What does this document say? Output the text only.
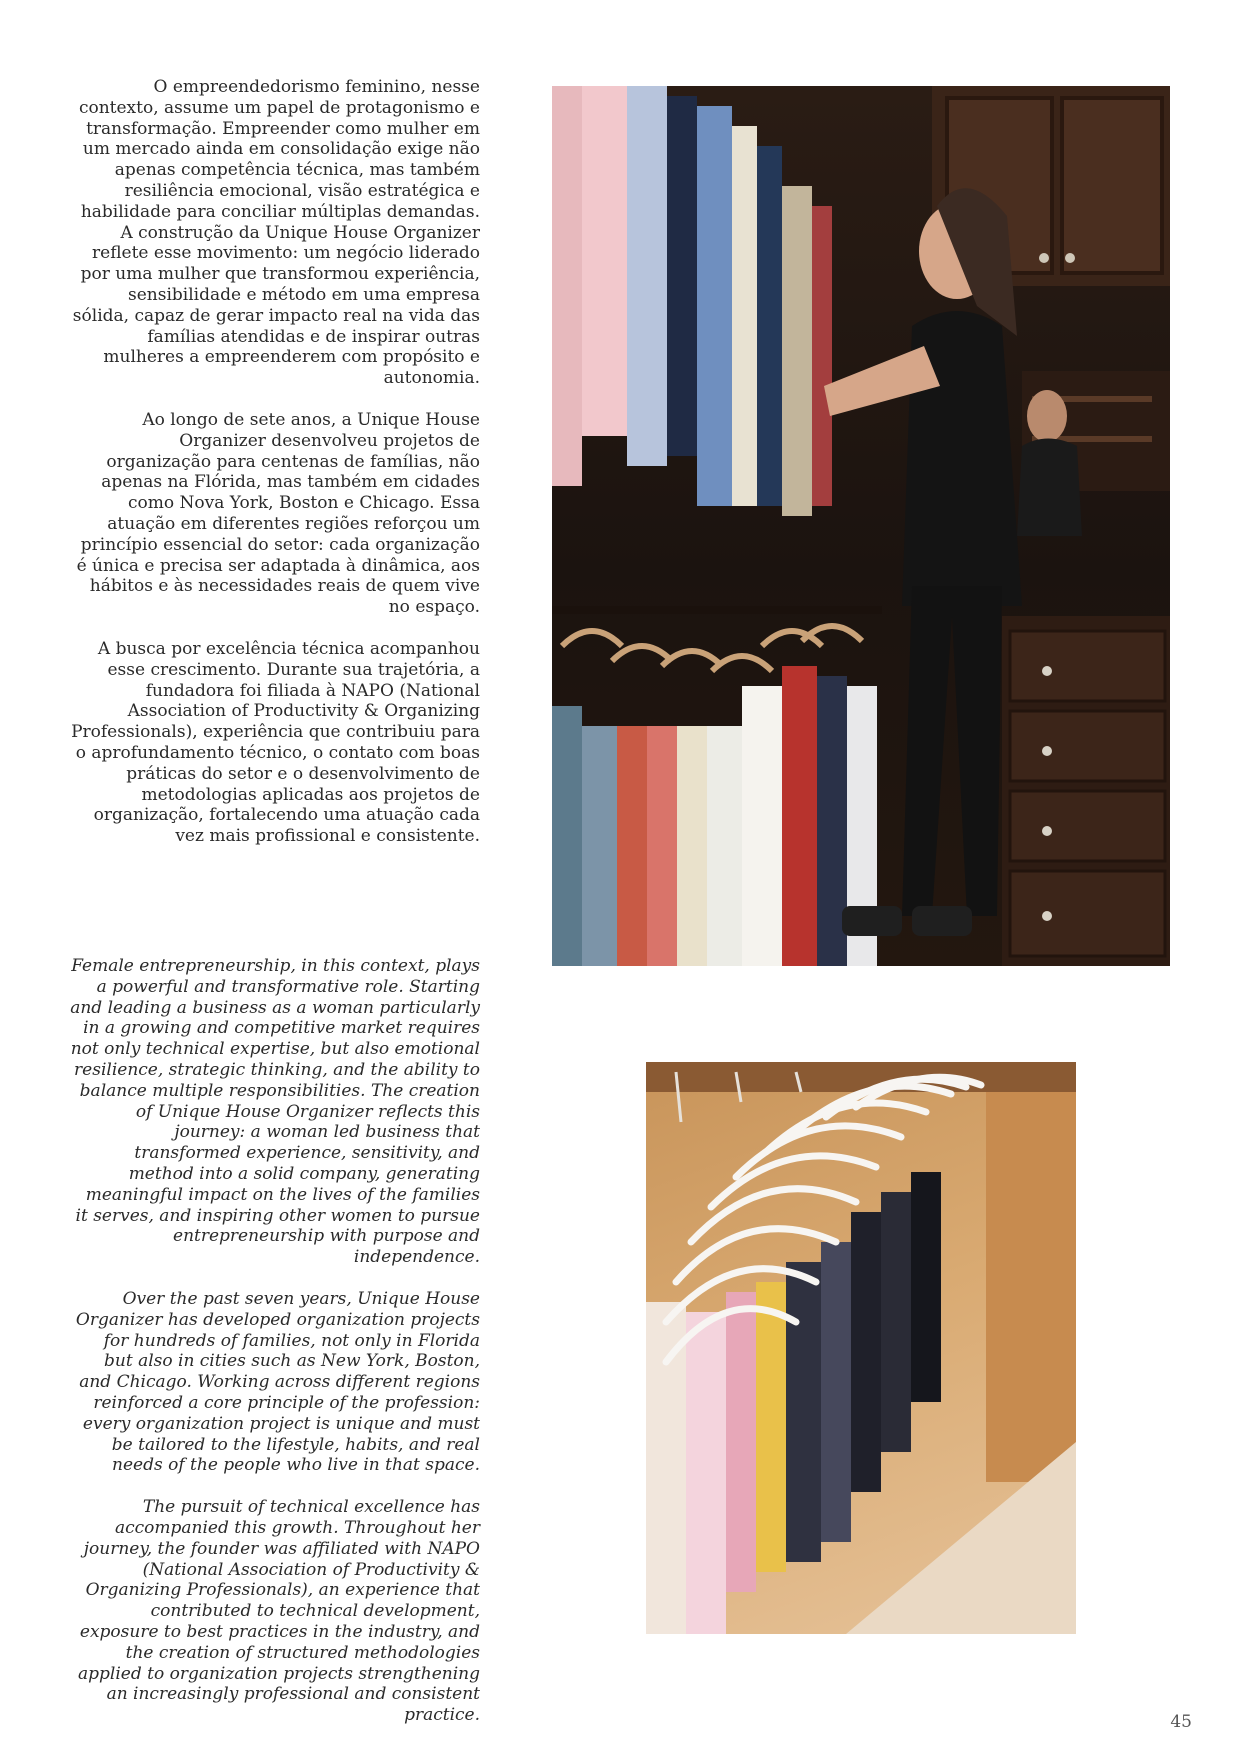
O empreendedorismo feminino, nesse contexto, assume um papel de protagonismo e transformação. Empreender como mulher em um mercado ainda em consolidação exige não apenas competência técnica, mas também resiliência emocional, visão estratégica e habilidade para conciliar múltiplas demandas. A construção da Unique House Organizer reflete esse movimento: um negócio liderado por uma mulher que transformou experiência, sensibilidade e método em uma empresa sólida, capaz de gerar impacto real na vida das famílias atendidas e de inspirar outras mulheres a empreenderem com propósito e autonomia.

Ao longo de sete anos, a Unique House Organizer desenvolveu projetos de organização para centenas de famílias, não apenas na Flórida, mas também em cidades como Nova York, Boston e Chicago. Essa atuação em diferentes regiões reforçou um princípio essencial do setor: cada organização é única e precisa ser adaptada à dinâmica, aos hábitos e às necessidades reais de quem vive no espaço.

A busca por excelência técnica acompanhou esse crescimento. Durante sua trajetória, a fundadora foi filiada à NAPO (National Association of Productivity & Organizing Professionals), experiência que contribuiu para o aprofundamento técnico, o contato com boas práticas do setor e o desenvolvimento de metodologias aplicadas aos projetos de organização, fortalecendo uma atuação cada vez mais profissional e consistente.

Female entrepreneurship, in this context, plays a powerful and transformative role. Starting and leading a business as a woman particularly in a growing and competitive market requires not only technical expertise, but also emotional resilience, strategic thinking, and the ability to balance multiple responsibilities. The creation of Unique House Organizer reflects this journey: a woman led business that transformed experience, sensitivity, and method into a solid company, generating meaningful impact on the lives of the families it serves, and inspiring other women to pursue entrepreneurship with purpose and independence.

Over the past seven years, Unique House Organizer has developed organization projects for hundreds of families, not only in Florida but also in cities such as New York, Boston, and Chicago. Working across different regions reinforced a core principle of the profession: every organization project is unique and must be tailored to the lifestyle, habits, and real needs of the people who live in that space.

The pursuit of technical excellence has accompanied this growth. Throughout her journey, the founder was affiliated with NAPO (National Association of Productivity & Organizing Professionals), an experience that contributed to technical development, exposure to best practices in the industry, and the creation of structured methodologies applied to organization projects strengthening an increasingly professional and consistent practice.	45
